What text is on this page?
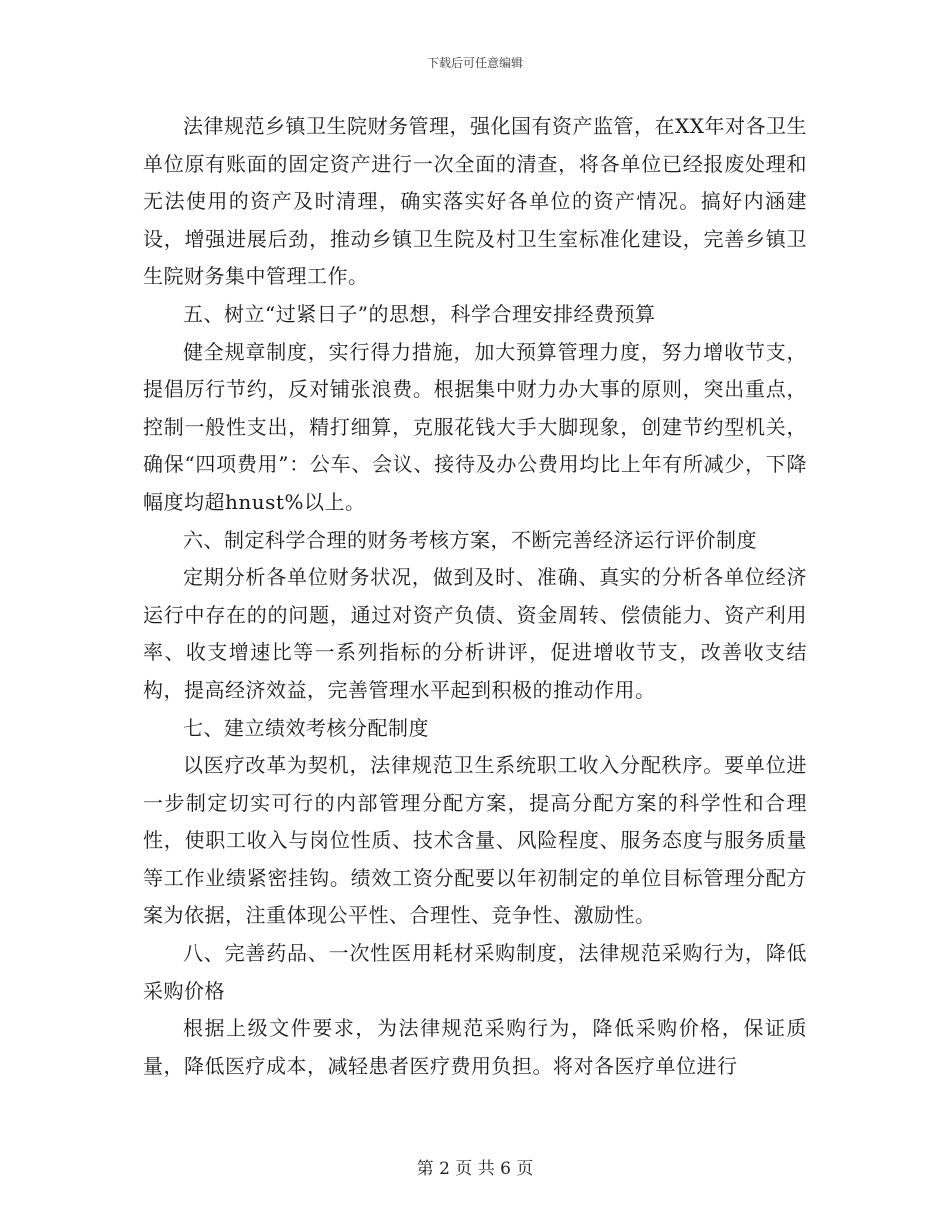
下载后可任意编辑

法律规范乡镇卫生院财务管理，强化国有资产监管，在XX年对各卫生单位原有账面的固定资产进行一次全面的清查，将各单位已经报废处理和无法使用的资产及时清理，确实落实好各单位的资产情况。搞好内涵建设，增强进展后劲，推动乡镇卫生院及村卫生室标准化建设，完善乡镇卫生院财务集中管理工作。

五、树立“过紧日子”的思想，科学合理安排经费预算

健全规章制度，实行得力措施，加大预算管理力度，努力增收节支，提倡厉行节约，反对铺张浪费。根据集中财力办大事的原则，突出重点，控制一般性支出，精打细算，克服花钱大手大脚现象，创建节约型机关，确保“四项费用”：公车、会议、接待及办公费用均比上年有所减少，下降幅度均超hnust%以上。

六、制定科学合理的财务考核方案，不断完善经济运行评价制度

定期分析各单位财务状况，做到及时、准确、真实的分析各单位经济运行中存在的的问题，通过对资产负债、资金周转、偿债能力、资产利用率、收支增速比等一系列指标的分析讲评，促进增收节支，改善收支结构，提高经济效益，完善管理水平起到积极的推动作用。

七、建立绩效考核分配制度

以医疗改革为契机，法律规范卫生系统职工收入分配秩序。要单位进一步制定切实可行的内部管理分配方案，提高分配方案的科学性和合理性，使职工收入与岗位性质、技术含量、风险程度、服务态度与服务质量等工作业绩紧密挂钩。绩效工资分配要以年初制定的单位目标管理分配方案为依据，注重体现公平性、合理性、竞争性、激励性。

八、完善药品、一次性医用耗材采购制度，法律规范采购行为，降低采购价格

根据上级文件要求，为法律规范采购行为，降低采购价格，保证质量，降低医疗成本，减轻患者医疗费用负担。将对各医疗单位进行

第 2 页 共 6 页
